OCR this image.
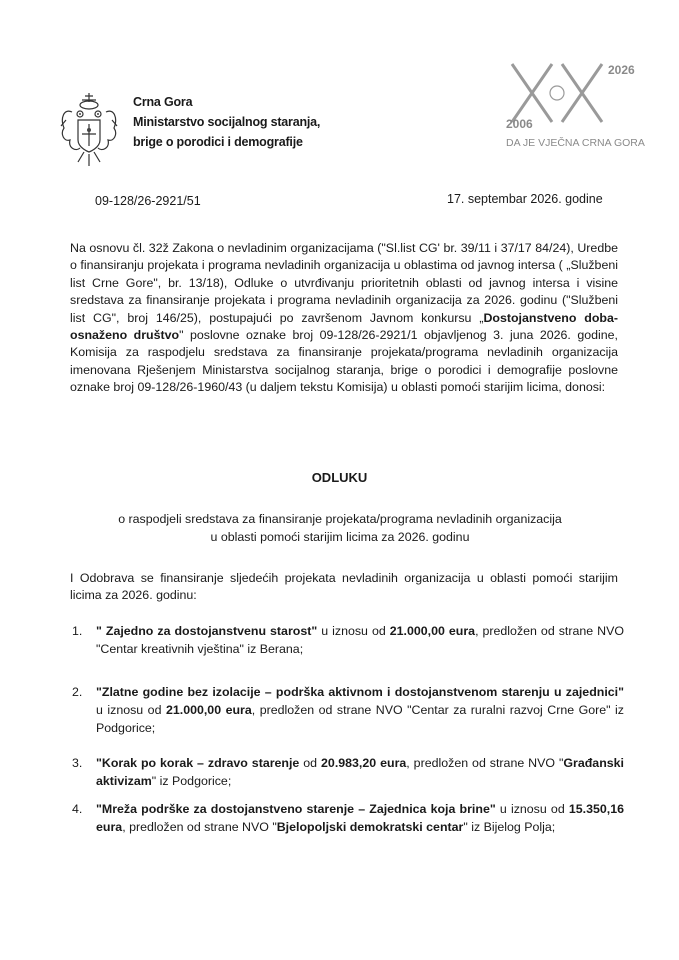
Crna Gora
Ministarstvo socijalnog staranja,
brige o porodici i demografije
2026
2006
DA JE VJEČNA CRNA GORA
09-128/26-2921/51	17. septembar 2026. godine
Na osnovu čl. 32ž Zakona o nevladinim organizacijama ("Sl.list CG' br. 39/11 i 37/17 84/24), Uredbe o finansiranju projekata i programa nevladinih organizacija u oblastima od javnog intersa ( „Službeni list Crne Gore", br. 13/18), Odluke o utvrđivanju prioritetnih oblasti od javnog intersa i visine sredstava za finansiranje projekata i programa nevladinih organizacija za 2026. godinu ("Službeni list CG", broj 146/25), postupajući po završenom Javnom konkursu „Dostojanstveno doba-osnaženo društvo" poslovne oznake broj 09-128/26-2921/1 objavljenog 3. juna 2026. godine, Komisija za raspodjelu sredstava za finansiranje projekata/programa nevladinih organizacija imenovana Rješenjem Ministarstva socijalnog staranja, brige o porodici i demografije poslovne oznake broj 09-128/26-1960/43 (u daljem tekstu Komisija) u oblasti pomoći starijim licima, donosi:
ODLUKU
o raspodjeli sredstava za finansiranje projekata/programa nevladinih organizacija
u oblasti pomoći starijim licima za 2026. godinu
I Odobrava se finansiranje sljedećih projekata nevladinih organizacija u oblasti pomoći starijim licima za 2026. godinu:
1.	" Zajedno za dostojanstvenu starost" u iznosu od 21.000,00 eura, predložen od strane NVO "Centar kreativnih vještina" iz Berana;
2.	"Zlatne godine bez izolacije – podrška aktivnom i dostojanstvenom starenju u zajednici" u iznosu od 21.000,00 eura, predložen od strane NVO "Centar za ruralni razvoj Crne Gore" iz Podgorice;
3.	"Korak po korak – zdravo starenje od 20.983,20 eura, predložen od strane NVO "Građanski aktivizam" iz Podgorice;
4.	"Mreža podrške za dostojanstveno starenje – Zajednica koja brine" u iznosu od 15.350,16 eura, predložen od strane NVO "Bjelopoljski demokratski centar" iz Bijelog Polja;
